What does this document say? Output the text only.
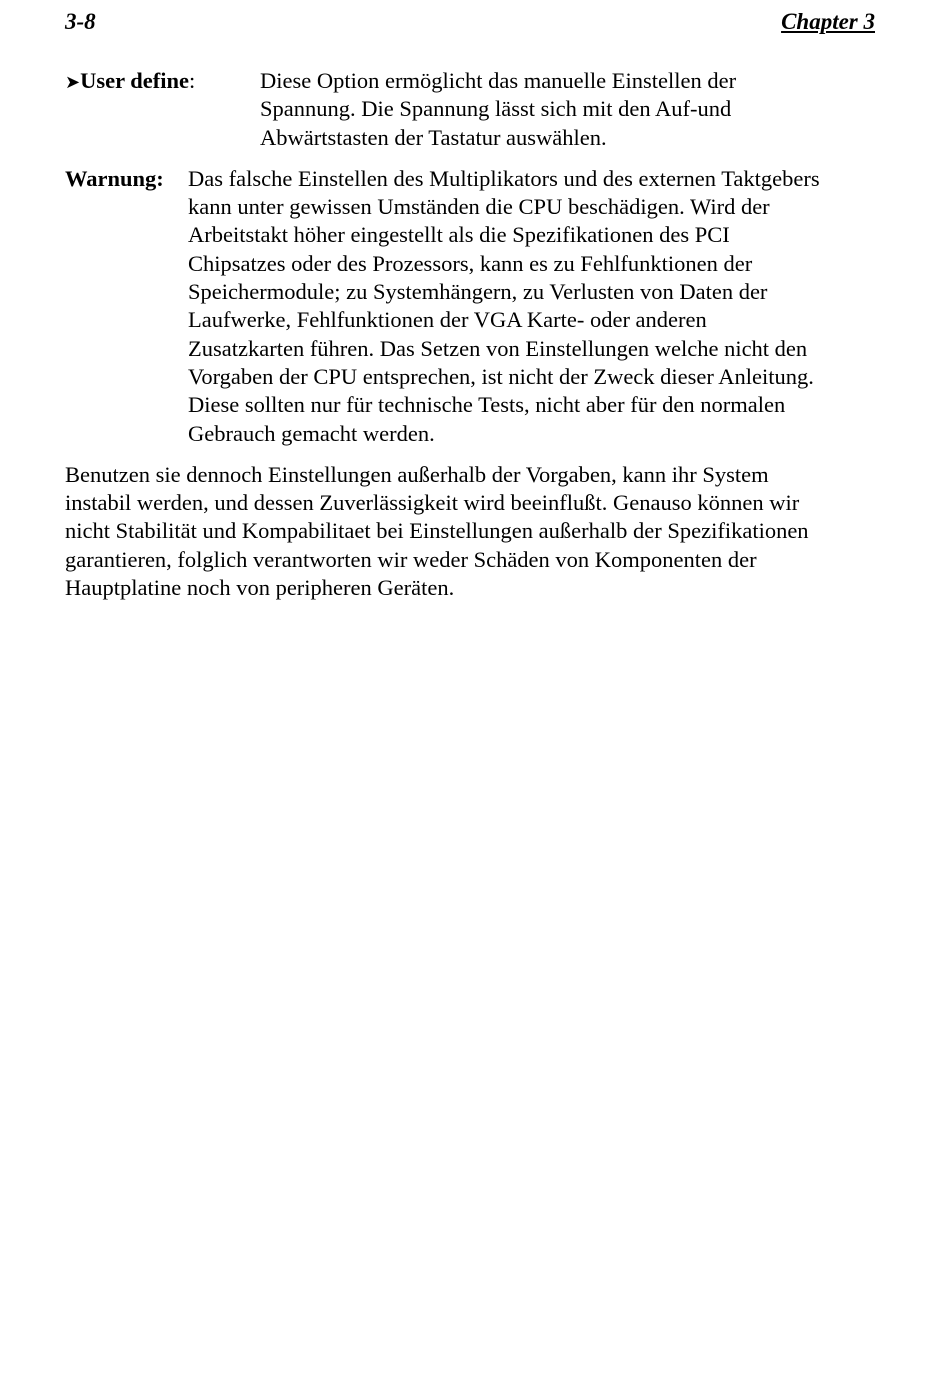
3-8	Chapter 3
➤User define:	Diese Option ermöglicht das manuelle Einstellen der
Spannung. Die Spannung lässt sich mit den Auf-und
Abwärtstasten der Tastatur auswählen.
Warnung:	Das falsche Einstellen des Multiplikators und des externen Taktgebers
kann unter gewissen Umständen die CPU beschädigen. Wird der
Arbeitstakt höher eingestellt als die Spezifikationen des PCI
Chipsatzes oder des Prozessors, kann es zu Fehlfunktionen der
Speichermodule; zu Systemhängern, zu Verlusten von Daten der
Laufwerke, Fehlfunktionen der VGA Karte- oder anderen
Zusatzkarten führen. Das Setzen von Einstellungen welche nicht den
Vorgaben der CPU entsprechen, ist nicht der Zweck dieser Anleitung.
Diese sollten nur für technische Tests, nicht aber für den normalen
Gebrauch gemacht werden.
Benutzen sie dennoch Einstellungen außerhalb der Vorgaben, kann ihr System
instabil werden, und dessen Zuverlässigkeit wird beeinflußt. Genauso können wir
nicht Stabilität und Kompabilitaet bei Einstellungen außerhalb der Spezifikationen
garantieren, folglich verantworten wir weder Schäden von Komponenten der
Hauptplatine noch von peripheren Geräten.
